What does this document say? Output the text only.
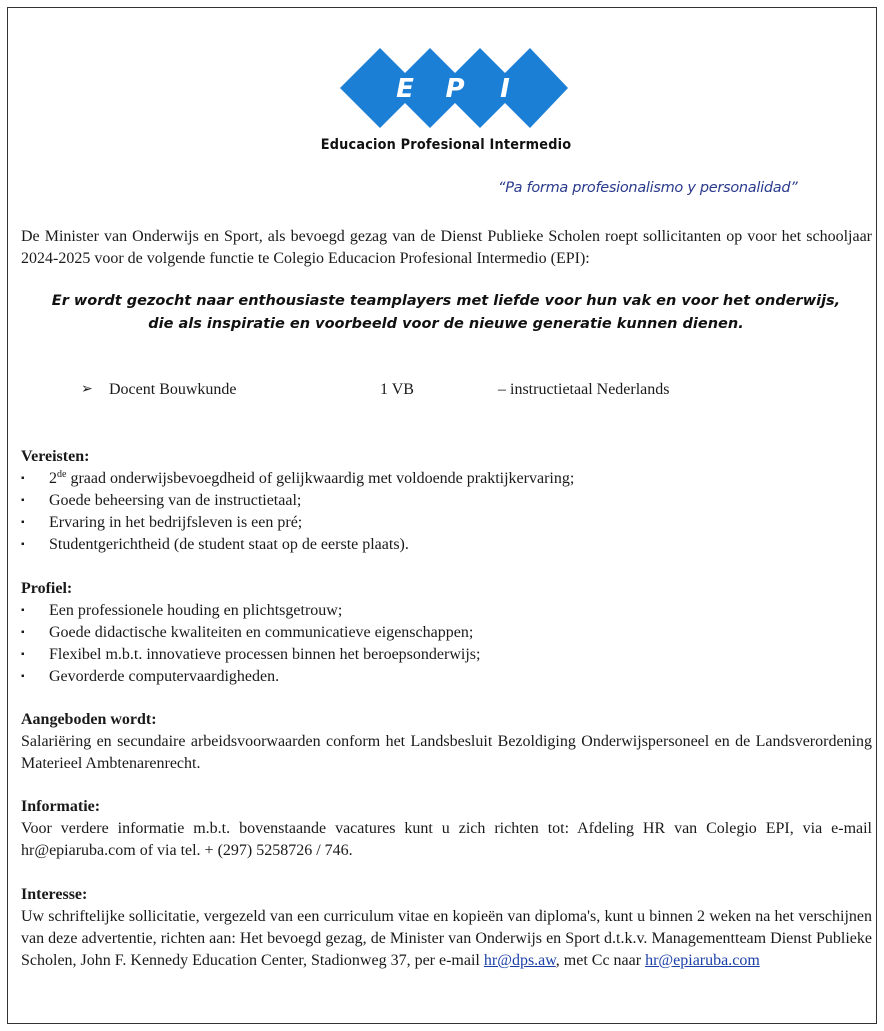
E P I
Educacion Profesional Intermedio
“Pa forma profesionalismo y personalidad”

De Minister van Onderwijs en Sport, als bevoegd gezag van de Dienst Publieke Scholen roept sollicitanten op voor het schooljaar 2024-2025 voor de volgende functie te Colegio Educacion Profesional Intermedio (EPI):

Er wordt gezocht naar enthousiaste teamplayers met liefde voor hun vak en voor het onderwijs, die als inspiratie en voorbeeld voor de nieuwe generatie kunnen dienen.

➢ Docent Bouwkunde	1 VB	– instructietaal Nederlands
Vereisten:
▪ 2de graad onderwijsbevoegdheid of gelijkwaardig met voldoende praktijkervaring;
▪ Goede beheersing van de instructietaal;
▪ Ervaring in het bedrijfsleven is een pré;
▪ Studentgerichtheid (de student staat op de eerste plaats).
Profiel:
▪ Een professionele houding en plichtsgetrouw;
▪ Goede didactische kwaliteiten en communicatieve eigenschappen;
▪ Flexibel m.b.t. innovatieve processen binnen het beroepsonderwijs;
▪ Gevorderde computervaardigheden.
Aangeboden wordt:

Salariëring en secundaire arbeidsvoorwaarden conform het Landsbesluit Bezoldiging Onderwijspersoneel en de Landsverordening Materieel Ambtenarenrecht.

Informatie:

Voor verdere informatie m.b.t. bovenstaande vacatures kunt u zich richten tot: Afdeling HR van Colegio EPI, via e-mail hr@epiaruba.com of via tel. + (297) 5258726 / 746.

Interesse:

Uw schriftelijke sollicitatie, vergezeld van een curriculum vitae en kopieën van diploma's, kunt u binnen 2 weken na het verschijnen van deze advertentie, richten aan: Het bevoegd gezag, de Minister van Onderwijs en Sport d.t.k.v. Managementteam Dienst Publieke Scholen, John F. Kennedy Education Center, Stadionweg 37, per e-mail hr@dps.aw, met Cc naar hr@epiaruba.com
